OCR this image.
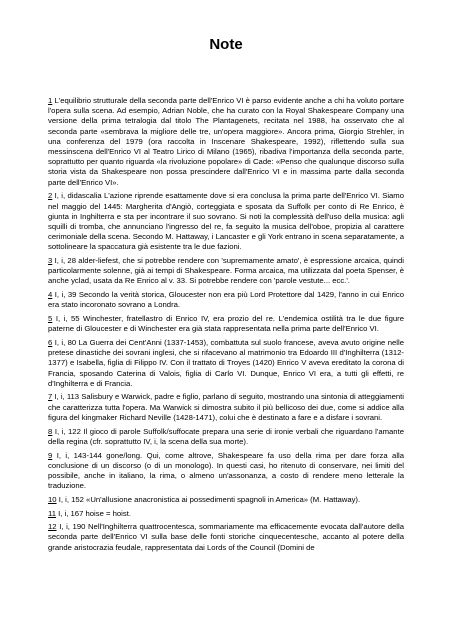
Note

1 L'equilibrio strutturale della seconda parte dell'Enrico VI è parso evidente anche a chi ha voluto portare l'opera sulla scena. Ad esempio, Adrian Noble, che ha curato con la Royal Shakespeare Company una versione della prima tetralogia dal titolo The Plantagenets, recitata nel 1988, ha osservato che al seconda parte «sembrava la migliore delle tre, un'opera maggiore». Ancora prima, Giorgio Strehler, in una conferenza del 1979 (ora raccolta in Inscenare Shakespeare, 1992), riflettendo sulla sua messinscena dell'Enrico VI al Teatro Lirico di Milano (1965), ribadiva l'importanza della seconda parte, soprattutto per quanto riguarda «la rivoluzione popolare» di Cade: «Penso che qualunque discorso sulla storia vista da Shakespeare non possa prescindere dall'Enrico VI e in massima parte dalla seconda parte dell'Enrico VI».

2 I, i, didascalia L'azione riprende esattamente dove si era conclusa la prima parte dell'Enrico VI. Siamo nel maggio del 1445: Margherita d'Angiò, corteggiata e sposata da Suffolk per conto di Re Enrico, è giunta in Inghilterra e sta per incontrare il suo sovrano. Si noti la complessità dell'uso della musica: agli squilli di tromba, che annunciano l'ingresso del re, fa seguito la musica dell'oboe, propizia al carattere cerimoniale della scena. Secondo M. Hattaway, i Lancaster e gli York entrano in scena separatamente, a sottolineare la spaccatura già esistente tra le due fazioni.

3 I, i, 28 alder-liefest, che si potrebbe rendere con 'supremamente amato', è espressione arcaica, quindi particolarmente solenne, già ai tempi di Shakespeare. Forma arcaica, ma utilizzata dal poeta Spenser, è anche yclad, usata da Re Enrico al v. 33. Si potrebbe rendere con 'parole vestute... ecc.'.

4 I, i, 39 Secondo la verità storica, Gloucester non era più Lord Protettore dal 1429, l'anno in cui Enrico era stato incoronato sovrano a Londra.

5 I, i, 55 Winchester, fratellastro di Enrico IV, era prozio del re. L'endemica ostilità tra le due figure paterne di Gloucester e di Winchester era già stata rappresentata nella prima parte dell'Enrico VI.

6 I, i, 80 La Guerra dei Cent'Anni (1337-1453), combattuta sul suolo francese, aveva avuto origine nelle pretese dinastiche dei sovrani inglesi, che si rifacevano al matrimonio tra Edoardo III d'Inghilterra (1312-1377) e Isabella, figlia di Filippo IV. Con il trattato di Troyes (1420) Enrico V aveva ereditato la corona di Francia, sposando Caterina di Valois, figlia di Carlo VI. Dunque, Enrico VI era, a tutti gli effetti, re d'Inghilterra e di Francia.

7 I, i, 113 Salisbury e Warwick, padre e figlio, parlano di seguito, mostrando una sintonia di atteggiamenti che caratterizza tutta l'opera. Ma Warwick si dimostra subito il più bellicoso dei due, come si addice alla figura del kingmaker Richard Neville (1428-1471), colui che è destinato a fare e a disfare i sovrani.

8 I, i, 122 Il gioco di parole Suffolk/suffocate prepara una serie di ironie verbali che riguardano l'amante della regina (cfr. soprattutto IV, i, la scena della sua morte).

9 I, i, 143-144 gone/long. Qui, come altrove, Shakespeare fa uso della rima per dare forza alla conclusione di un discorso (o di un monologo). In questi casi, ho ritenuto di conservare, nei limiti del possibile, anche in italiano, la rima, o almeno un'assonanza, a costo di rendere meno letterale la traduzione.

10 I, i, 152 «Un'allusione anacronistica ai possedimenti spagnoli in America» (M. Hattaway).

11 I, i, 167 hoise = hoist.

12 I, i, 190 Nell'Inghilterra quattrocentesca, sommariamente ma efficacemente evocata dall'autore della seconda parte dell'Enrico VI sulla base delle fonti storiche cinquecentesche, accanto al potere della grande aristocrazia feudale, rappresentata dai Lords of the Council (Domini de
